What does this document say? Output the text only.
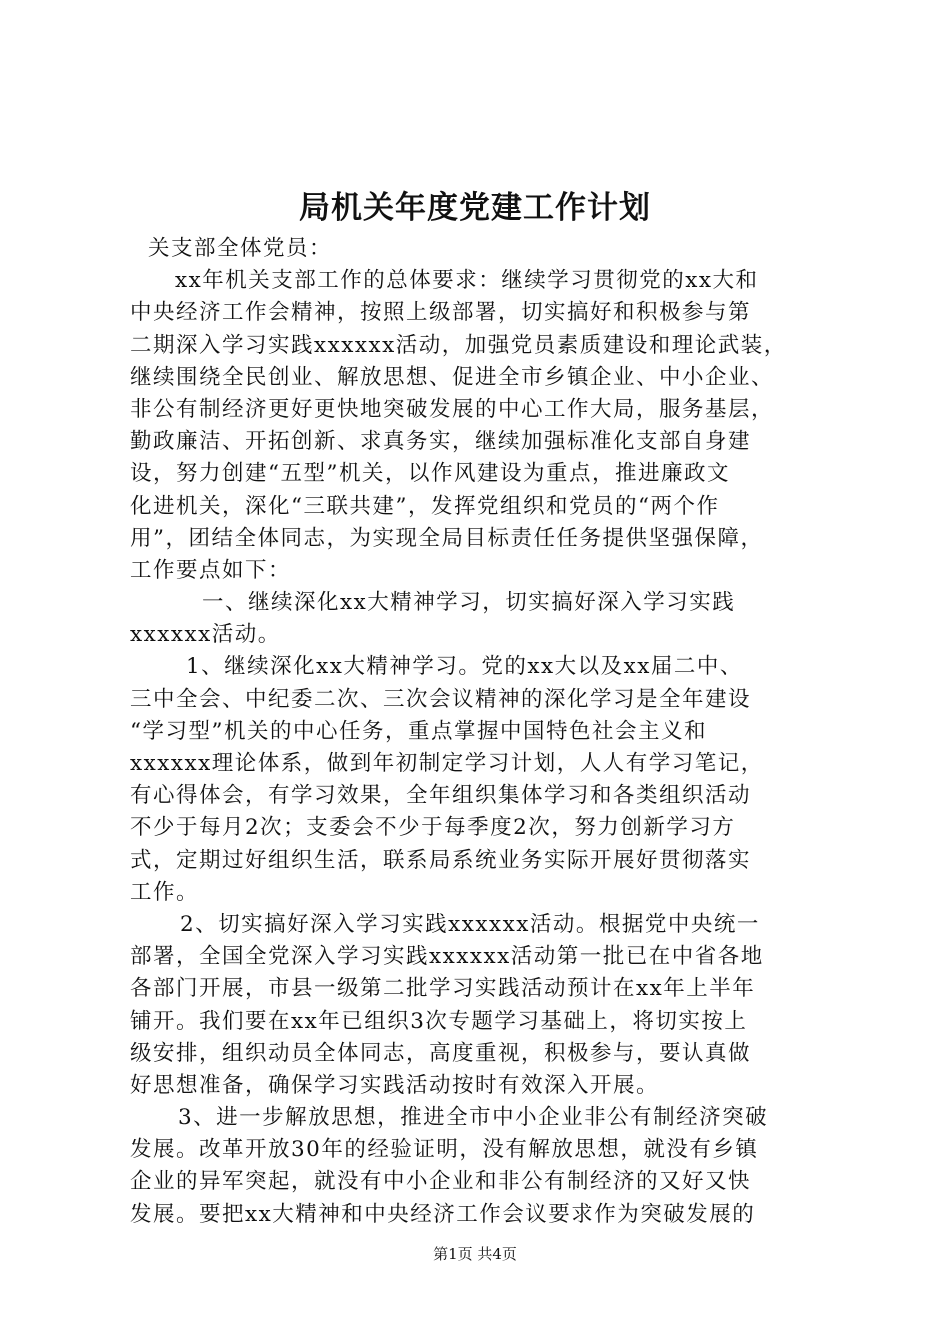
局机关年度党建工作计划
关支部全体党员：
xx年机关支部工作的总体要求：继续学习贯彻党的xx大和
中央经济工作会精神，按照上级部署，切实搞好和积极参与第
二期深入学习实践xxxxxx活动，加强党员素质建设和理论武装，
继续围绕全民创业、解放思想、促进全市乡镇企业、中小企业、
非公有制经济更好更快地突破发展的中心工作大局，服务基层，
勤政廉洁、开拓创新、求真务实，继续加强标准化支部自身建
设，努力创建“五型”机关，以作风建设为重点，推进廉政文
化进机关，深化“三联共建”，发挥党组织和党员的“两个作
用”，团结全体同志，为实现全局目标责任任务提供坚强保障，
工作要点如下：
一、继续深化xx大精神学习，切实搞好深入学习实践
xxxxxx活动。
1、继续深化xx大精神学习。党的xx大以及xx届二中、
三中全会、中纪委二次、三次会议精神的深化学习是全年建设
“学习型”机关的中心任务，重点掌握中国特色社会主义和
xxxxxx理论体系，做到年初制定学习计划，人人有学习笔记，
有心得体会，有学习效果，全年组织集体学习和各类组织活动
不少于每月2次；支委会不少于每季度2次，努力创新学习方
式，定期过好组织生活，联系局系统业务实际开展好贯彻落实
工作。
2、切实搞好深入学习实践xxxxxx活动。根据党中央统一
部署，全国全党深入学习实践xxxxxx活动第一批已在中省各地
各部门开展，市县一级第二批学习实践活动预计在xx年上半年
铺开。我们要在xx年已组织3次专题学习基础上，将切实按上
级安排，组织动员全体同志，高度重视，积极参与，要认真做
好思想准备，确保学习实践活动按时有效深入开展。
3、进一步解放思想，推进全市中小企业非公有制经济突破
发展。改革开放30年的经验证明，没有解放思想，就没有乡镇
企业的异军突起，就没有中小企业和非公有制经济的又好又快
发展。要把xx大精神和中央经济工作会议要求作为突破发展的
第1页 共4页
